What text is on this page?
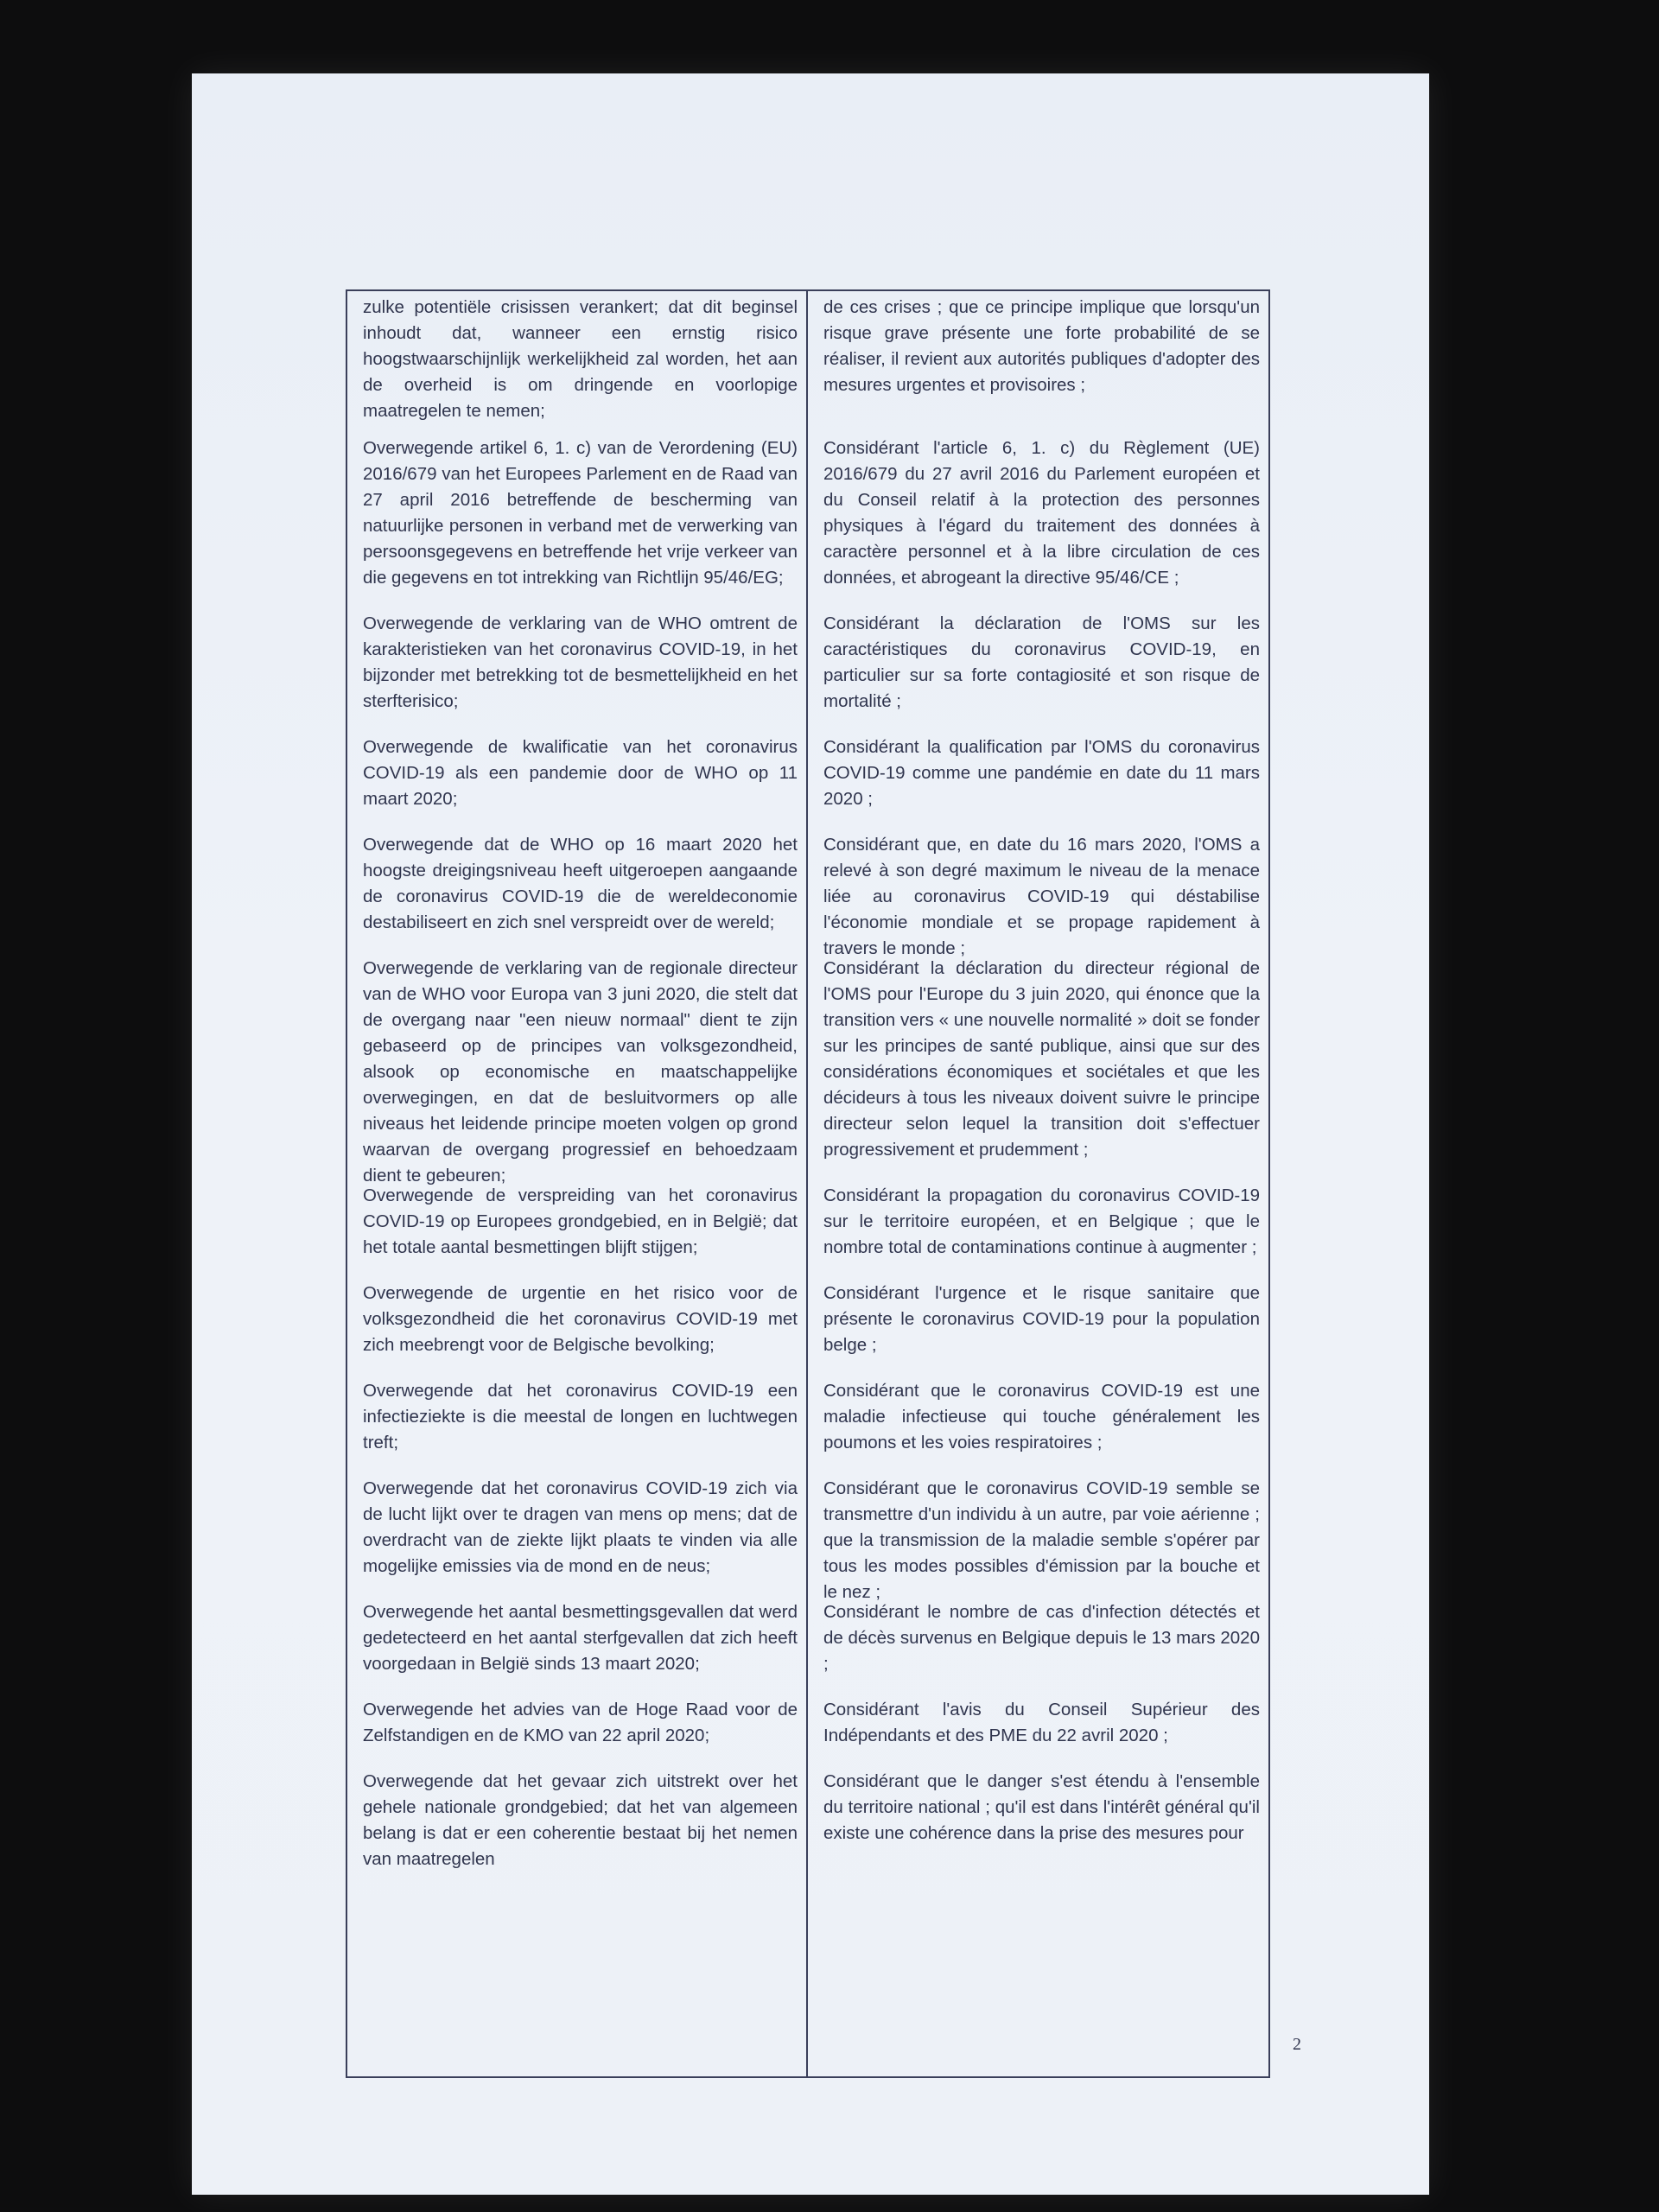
zulke potentiële crisissen verankert; dat dit beginsel inhoudt dat, wanneer een ernstig risico hoogstwaarschijnlijk werkelijkheid zal worden, het aan de overheid is om dringende en voorlopige maatregelen te nemen;

Overwegende artikel 6, 1. c) van de Verordening (EU) 2016/679 van het Europees Parlement en de Raad van 27 april 2016 betreffende de bescherming van natuurlijke personen in verband met de verwerking van persoonsgegevens en betreffende het vrije verkeer van die gegevens en tot intrekking van Richtlijn 95/46/EG;

Overwegende de verklaring van de WHO omtrent de karakteristieken van het coronavirus COVID-19, in het bijzonder met betrekking tot de besmettelijkheid en het sterfterisico;

Overwegende de kwalificatie van het coronavirus COVID-19 als een pandemie door de WHO op 11 maart 2020;

Overwegende dat de WHO op 16 maart 2020 het hoogste dreigingsniveau heeft uitgeroepen aangaande de coronavirus COVID-19 die de wereldeconomie destabiliseert en zich snel verspreidt over de wereld;

Overwegende de verklaring van de regionale directeur van de WHO voor Europa van 3 juni 2020, die stelt dat de overgang naar "een nieuw normaal" dient te zijn gebaseerd op de principes van volksgezondheid, alsook op economische en maatschappelijke overwegingen, en dat de besluitvormers op alle niveaus het leidende principe moeten volgen op grond waarvan de overgang progressief en behoedzaam dient te gebeuren;

Overwegende de verspreiding van het coronavirus COVID-19 op Europees grondgebied, en in België; dat het totale aantal besmettingen blijft stijgen;

Overwegende de urgentie en het risico voor de volksgezondheid die het coronavirus COVID-19 met zich meebrengt voor de Belgische bevolking;

Overwegende dat het coronavirus COVID-19 een infectieziekte is die meestal de longen en luchtwegen treft;

Overwegende dat het coronavirus COVID-19 zich via de lucht lijkt over te dragen van mens op mens; dat de overdracht van de ziekte lijkt plaats te vinden via alle mogelijke emissies via de mond en de neus;

Overwegende het aantal besmettingsgevallen dat werd gedetecteerd en het aantal sterfgevallen dat zich heeft voorgedaan in België sinds 13 maart 2020;

Overwegende het advies van de Hoge Raad voor de Zelfstandigen en de KMO van 22 april 2020;

Overwegende dat het gevaar zich uitstrekt over het gehele nationale grondgebied; dat het van algemeen belang is dat er een coherentie bestaat bij het nemen van maatregelen

de ces crises ; que ce principe implique que lorsqu'un risque grave présente une forte probabilité de se réaliser, il revient aux autorités publiques d'adopter des mesures urgentes et provisoires ;

Considérant l'article 6, 1. c) du Règlement (UE) 2016/679 du 27 avril 2016 du Parlement européen et du Conseil relatif à la protection des personnes physiques à l'égard du traitement des données à caractère personnel et à la libre circulation de ces données, et abrogeant la directive 95/46/CE ;

Considérant la déclaration de l'OMS sur les caractéristiques du coronavirus COVID-19, en particulier sur sa forte contagiosité et son risque de mortalité ;

Considérant la qualification par l'OMS du coronavirus COVID-19 comme une pandémie en date du 11 mars 2020 ;

Considérant que, en date du 16 mars 2020, l'OMS a relevé à son degré maximum le niveau de la menace liée au coronavirus COVID-19 qui déstabilise l'économie mondiale et se propage rapidement à travers le monde ;

Considérant la déclaration du directeur régional de l'OMS pour l'Europe du 3 juin 2020, qui énonce que la transition vers « une nouvelle normalité » doit se fonder sur les principes de santé publique, ainsi que sur des considérations économiques et sociétales et que les décideurs à tous les niveaux doivent suivre le principe directeur selon lequel la transition doit s'effectuer progressivement et prudemment ;

Considérant la propagation du coronavirus COVID-19 sur le territoire européen, et en Belgique ; que le nombre total de contaminations continue à augmenter ;

Considérant l'urgence et le risque sanitaire que présente le coronavirus COVID-19 pour la population belge ;

Considérant que le coronavirus COVID-19 est une maladie infectieuse qui touche généralement les poumons et les voies respiratoires ;

Considérant que le coronavirus COVID-19 semble se transmettre d'un individu à un autre, par voie aérienne ; que la transmission de la maladie semble s'opérer par tous les modes possibles d'émission par la bouche et le nez ;

Considérant le nombre de cas d'infection détectés et de décès survenus en Belgique depuis le 13 mars 2020 ;

Considérant l'avis du Conseil Supérieur des Indépendants et des PME du 22 avril 2020 ;

Considérant que le danger s'est étendu à l'ensemble du territoire national ; qu'il est dans l'intérêt général qu'il existe une cohérence dans la prise des mesures pour

2
